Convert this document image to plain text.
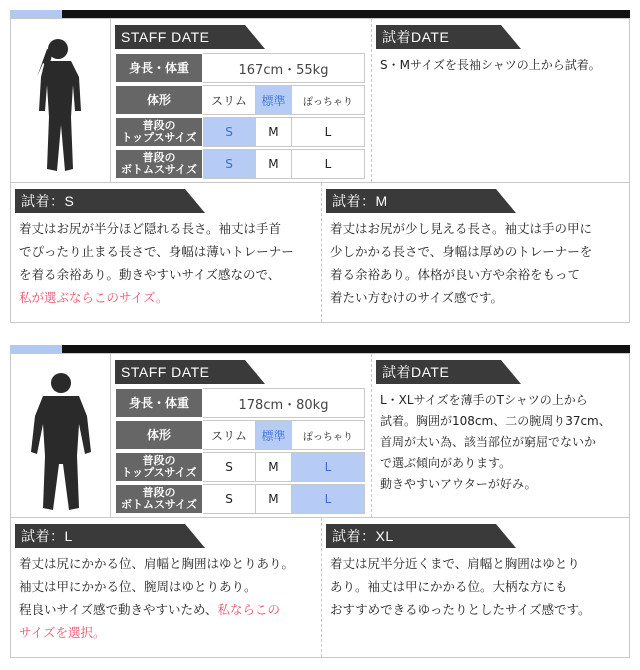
STAFF DATE
身長・体重	167cm・55kg		

体形	スリム	標準	ぽっちゃり

普段の
トップスサイズ	S	M	L

普段の
ボトムスサイズ	S	M	L
試着DATE
S・Mサイズを長袖シャツの上から試着。
試着：S
着丈はお尻が半分ほど隠れる長さ。袖丈は手首
でぴったり止まる長さで、身幅は薄いトレーナー
を着る余裕あり。動きやすいサイズ感なので、
私が選ぶならこのサイズ。
試着：M
着丈はお尻が少し見える長さ。袖丈は手の甲に
少しかかる長さで、身幅は厚めのトレーナーを
着る余裕あり。体格が良い方や余裕をもって
着たい方むけのサイズ感です。
STAFF DATE
身長・体重	178cm・80kg		

体形	スリム	標準	ぽっちゃり

普段の
トップスサイズ	S	M	L

普段の
ボトムスサイズ	S	M	L
試着DATE
L・XLサイズを薄手のTシャツの上から
試着。胸囲が108cm、二の腕周り37cm、
首周が太い為、該当部位が窮屈でないか
で選ぶ傾向があります。
動きやすいアウターが好み。
試着：L
着丈は尻にかかる位、肩幅と胸囲はゆとりあり。
袖丈は甲にかかる位、腕周はゆとりあり。
程良いサイズ感で動きやすいため、私ならこの
サイズを選択。
試着：XL
着丈は尻半分近くまで、肩幅と胸囲はゆとり
あり。袖丈は甲にかかる位。大柄な方にも
おすすめできるゆったりとしたサイズ感です。
